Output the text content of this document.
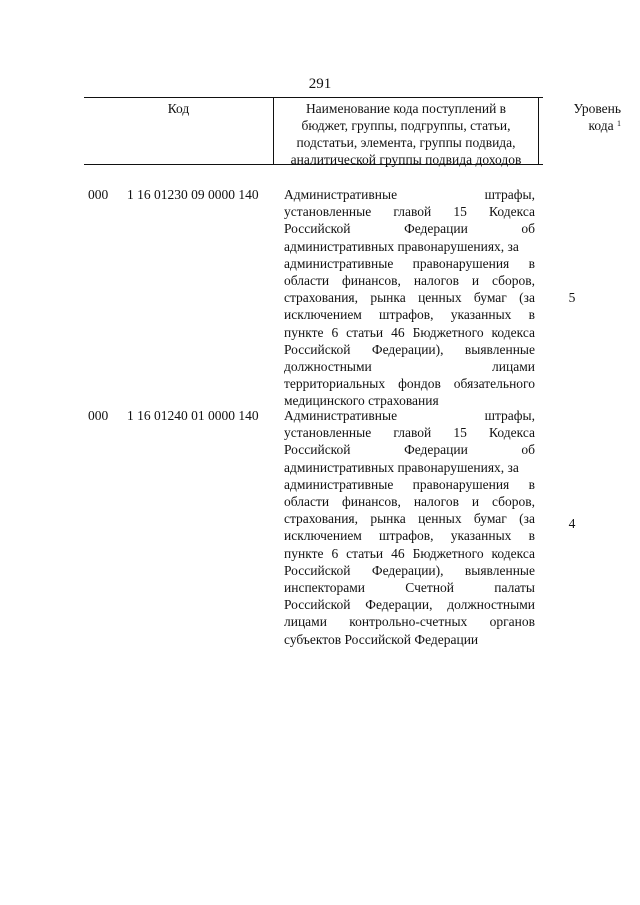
291
Код	Наименование кода поступлений в
бюджет, группы, подгруппы, статьи,
подстатьи, элемента, группы подвида,
аналитической группы подвида доходов
Уровень
кода $^1$
000 1 16 01230 09 0000 140 Административные штрафы,
установленные главой 15 Кодекса
Российской Федерации об
административных правонарушениях, за
административные правонарушения в
области финансов, налогов и сборов,
страхования, рынка ценных бумаг (за
исключением штрафов, указанных в
пункте 6 статьи 46 Бюджетного кодекса
Российской Федерации), выявленные
должностными лицами
территориальных фондов обязательного
медицинского страхования
5
000 1 16 01240 01 0000 140 Административные штрафы,
установленные главой 15 Кодекса
Российской Федерации об
административных правонарушениях, за
административные правонарушения в
области финансов, налогов и сборов,
страхования, рынка ценных бумаг (за
исключением штрафов, указанных в
пункте 6 статьи 46 Бюджетного кодекса
Российской Федерации), выявленные
инспекторами Счетной палаты
Российской Федерации, должностными
лицами контрольно-счетных органов
субъектов Российской Федерации
4
